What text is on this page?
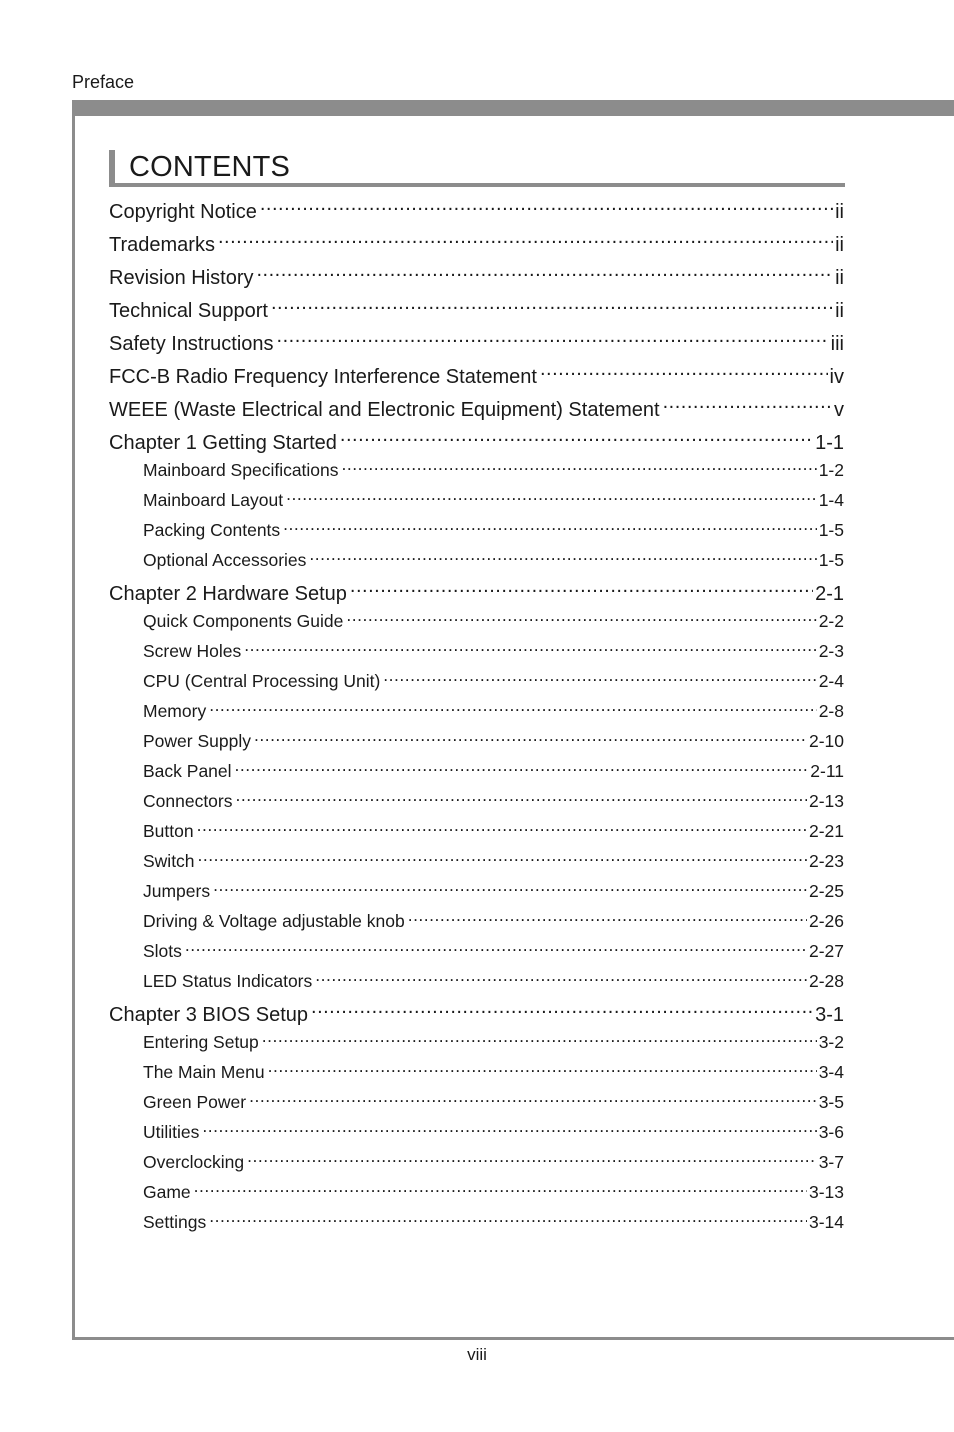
Preface
CONTENTS
Copyright Notice .....	ii
Trademarks .....	ii
Revision History .....	ii
Technical Support .....	ii
Safety Instructions .....	iii
FCC-B Radio Frequency Interference Statement .....	iv
WEEE (Waste Electrical and Electronic Equipment) Statement .....	v
Chapter 1 Getting Started .....	1-1
Mainboard Specifications .....	1-2
Mainboard Layout .....	1-4
Packing Contents .....	1-5
Optional Accessories .....	1-5
Chapter 2 Hardware Setup .....	2-1
Quick Components Guide .....	2-2
Screw Holes .....	2-3
CPU (Central Processing Unit) .....	2-4
Memory .....	2-8
Power Supply .....	2-10
Back Panel .....	2-11
Connectors .....	2-13
Button .....	2-21
Switch .....	2-23
Jumpers .....	2-25
Driving & Voltage adjustable knob .....	2-26
Slots .....	2-27
LED Status Indicators .....	2-28
Chapter 3 BIOS Setup .....	3-1
Entering Setup .....	3-2
The Main Menu .....	3-4
Green Power .....	3-5
Utilities .....	3-6
Overclocking .....	3-7
Game .....	3-13
Settings .....	3-14
viii
